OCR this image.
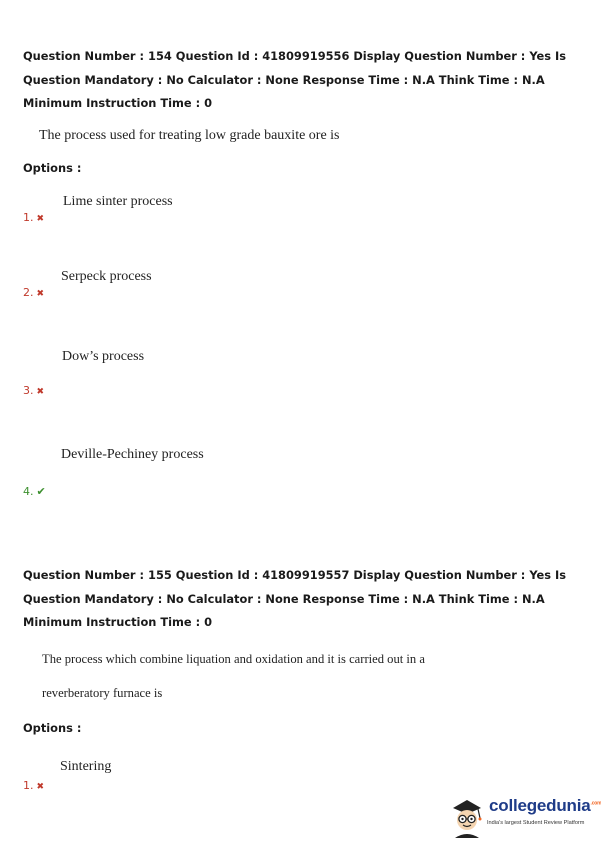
Question Number : 154 Question Id : 41809919556 Display Question Number : Yes Is Question Mandatory : No Calculator : None Response Time : N.A Think Time : N.A Minimum Instruction Time : 0
The process used for treating low grade bauxite ore is
Options :
Lime sinter process
1. ✖
Serpeck process
2. ✖
Dow’s process
3. ✖
Deville-Pechiney process
4. ✔
Question Number : 155 Question Id : 41809919557 Display Question Number : Yes Is Question Mandatory : No Calculator : None Response Time : N.A Think Time : N.A Minimum Instruction Time : 0
The process which combine liquation and oxidation and it is carried out in a
reverberatory furnace is
Options :
Sintering
1. ✖
collegedunia$^{.com}$
India's largest Student Review Platform
